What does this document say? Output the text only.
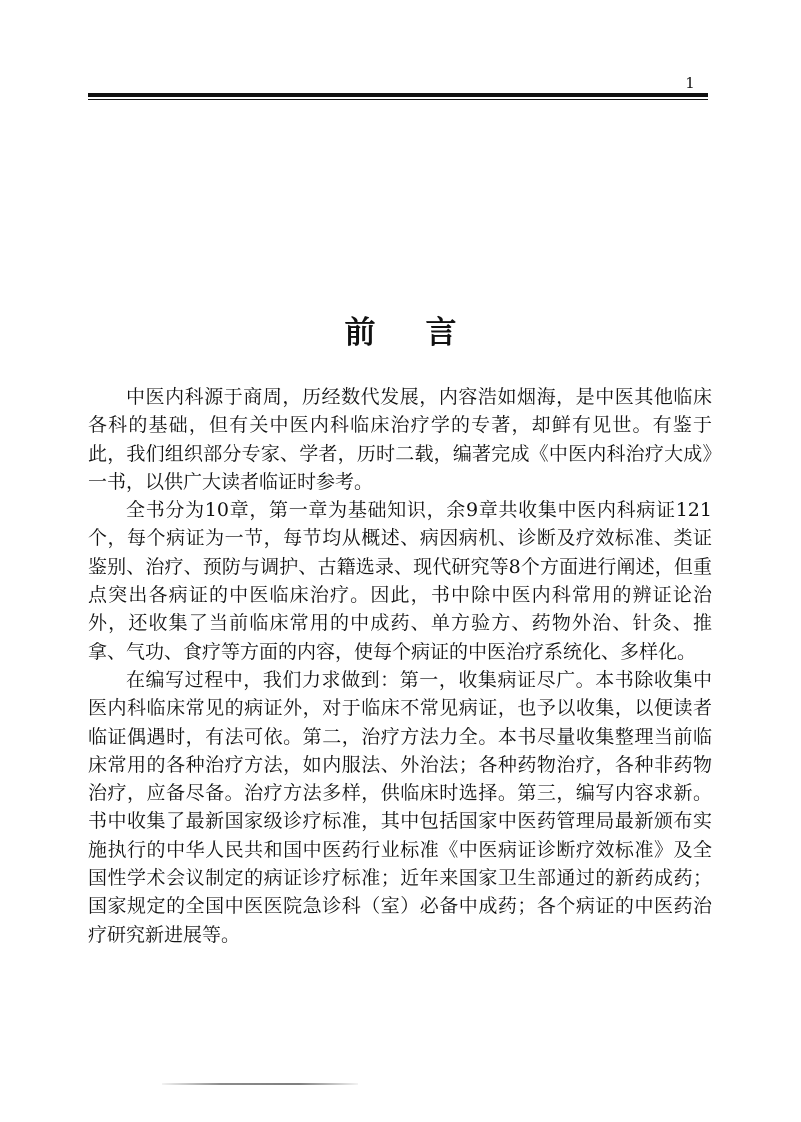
1
前言

中医内科源于商周，历经数代发展，内容浩如烟海，是中医其他临床各科的基础，但有关中医内科临床治疗学的专著，却鲜有见世。有鉴于此，我们组织部分专家、学者，历时二载，编著完成《中医内科治疗大成》一书，以供广大读者临证时参考。

全书分为10章，第一章为基础知识，余9章共收集中医内科病证121个，每个病证为一节，每节均从概述、病因病机、诊断及疗效标准、类证鉴别、治疗、预防与调护、古籍选录、现代研究等8个方面进行阐述，但重点突出各病证的中医临床治疗。因此，书中除中医内科常用的辨证论治外，还收集了当前临床常用的中成药、单方验方、药物外治、针灸、推拿、气功、食疗等方面的内容，使每个病证的中医治疗系统化、多样化。

在编写过程中，我们力求做到：第一，收集病证尽广。本书除收集中医内科临床常见的病证外，对于临床不常见病证，也予以收集，以便读者临证偶遇时，有法可依。第二，治疗方法力全。本书尽量收集整理当前临床常用的各种治疗方法，如内服法、外治法；各种药物治疗，各种非药物治疗，应备尽备。治疗方法多样，供临床时选择。第三，编写内容求新。书中收集了最新国家级诊疗标准，其中包括国家中医药管理局最新颁布实施执行的中华人民共和国中医药行业标准《中医病证诊断疗效标准》及全国性学术会议制定的病证诊疗标准；近年来国家卫生部通过的新药成药；国家规定的全国中医医院急诊科（室）必备中成药；各个病证的中医药治疗研究新进展等。
